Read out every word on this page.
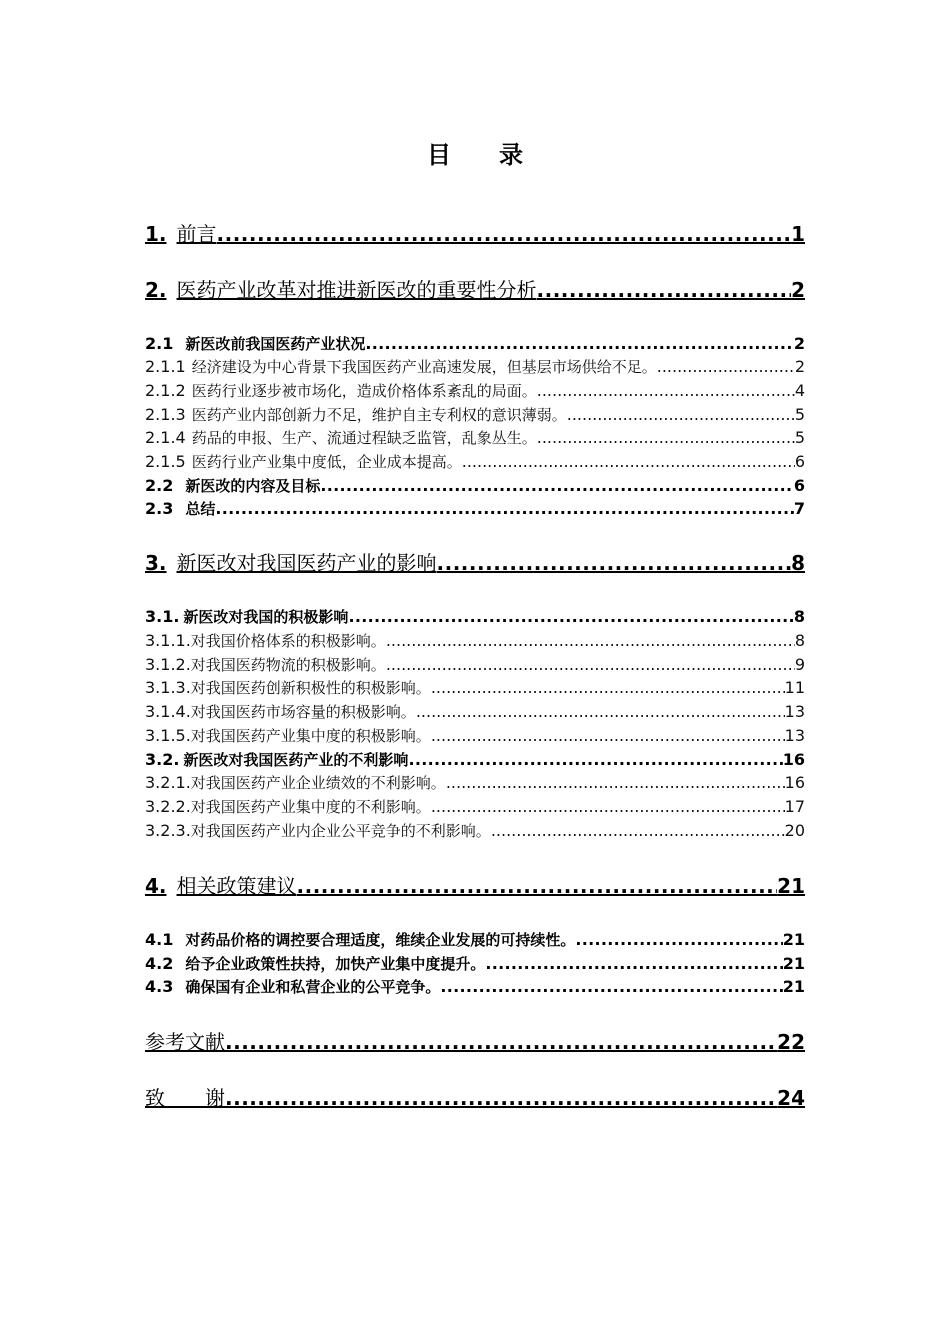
目 录
1. 前言 .....	1
2. 医药产业改革对推进新医改的重要性分析 .....	2
2.1 新医改前我国医药产业状况 .....	2
2.1.1 经济建设为中心背景下我国医药产业高速发展，但基层市场供给不足。 .....	2
2.1.2 医药行业逐步被市场化，造成价格体系紊乱的局面。 .....	4
2.1.3 医药产业内部创新力不足，维护自主专利权的意识薄弱。 .....	5
2.1.4 药品的申报、生产、流通过程缺乏监管，乱象丛生。 .....	5
2.1.5 医药行业产业集中度低，企业成本提高。 .....	6
2.2 新医改的内容及目标 .....	6
2.3 总结 .....	7
3. 新医改对我国医药产业的影响 .....	8
3.1. 新医改对我国的积极影响 .....	8
3.1.1. 对我国价格体系的积极影响。 .....	8
3.1.2. 对我国医药物流的积极影响。 .....	9
3.1.3. 对我国医药创新积极性的积极影响。 .....	11
3.1.4. 对我国医药市场容量的积极影响。 .....	13
3.1.5. 对我国医药产业集中度的积极影响。 .....	13
3.2. 新医改对我国医药产业的不利影响 .....	16
3.2.1. 对我国医药产业企业绩效的不利影响。 .....	16
3.2.2. 对我国医药产业集中度的不利影响。 .....	17
3.2.3. 对我国医药产业内企业公平竞争的不利影响。 .....	20
4. 相关政策建议 .....	21
4.1 对药品价格的调控要合理适度，维续企业发展的可持续性。 .....	21
4.2 给予企业政策性扶持，加快产业集中度提升。 .....	21
4.3 确保国有企业和私营企业的公平竞争。 .....	21
参考文献 .....	22
致　　谢 .....	24
